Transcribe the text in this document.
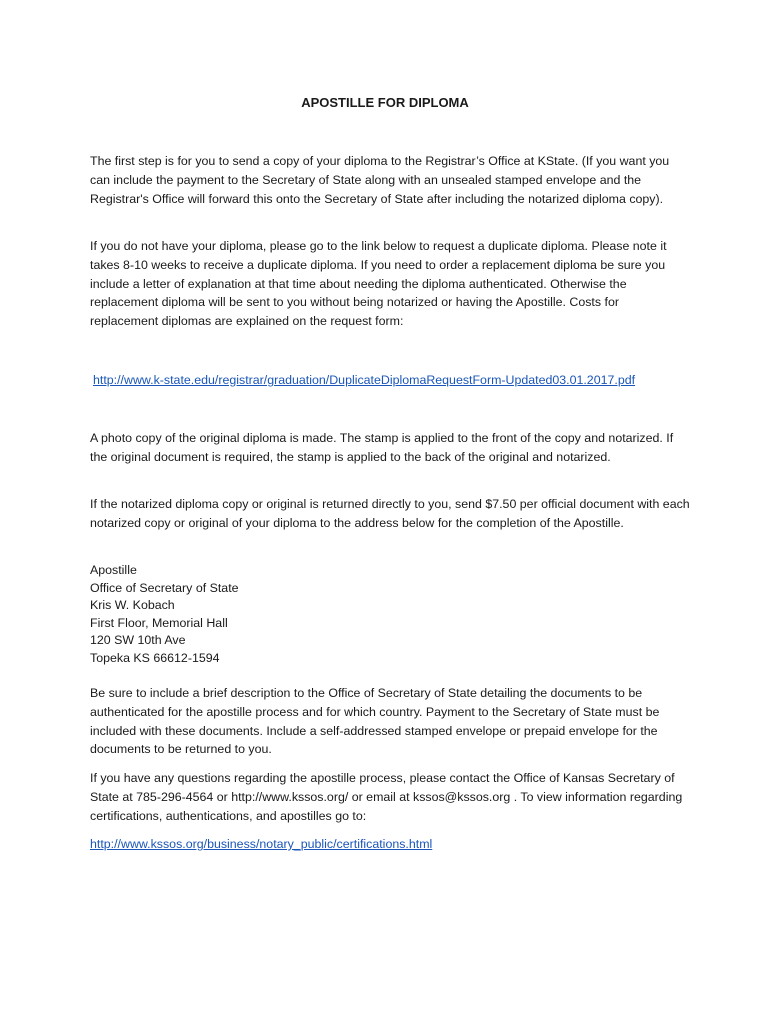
APOSTILLE FOR DIPLOMA

The first step is for you to send a copy of your diploma to the Registrar’s Office at KState. (If you want you can include the payment to the Secretary of State along with an unsealed stamped envelope and the Registrar's Office will forward this onto the Secretary of State after including the notarized diploma copy).

If you do not have your diploma, please go to the link below to request a duplicate diploma. Please note it takes 8-10 weeks to receive a duplicate diploma. If you need to order a replacement diploma be sure you include a letter of explanation at that time about needing the diploma authenticated. Otherwise the replacement diploma will be sent to you without being notarized or having the Apostille. Costs for replacement diplomas are explained on the request form:

http://www.k-state.edu/registrar/graduation/DuplicateDiplomaRequestForm-Updated03.01.2017.pdf

A photo copy of the original diploma is made. The stamp is applied to the front of the copy and notarized. If the original document is required, the stamp is applied to the back of the original and notarized.

If the notarized diploma copy or original is returned directly to you, send $7.50 per official document with each notarized copy or original of your diploma to the address below for the completion of the Apostille.

Apostille
Office of Secretary of State
Kris W. Kobach
First Floor, Memorial Hall
120 SW 10th Ave
Topeka KS 66612-1594

Be sure to include a brief description to the Office of Secretary of State detailing the documents to be authenticated for the apostille process and for which country. Payment to the Secretary of State must be included with these documents. Include a self-addressed stamped envelope or prepaid envelope for the documents to be returned to you.

If you have any questions regarding the apostille process, please contact the Office of Kansas Secretary of State at 785-296-4564 or http://www.kssos.org/ or email at kssos@kssos.org . To view information regarding certifications, authentications, and apostilles go to:

http://www.kssos.org/business/notary_public/certifications.html
